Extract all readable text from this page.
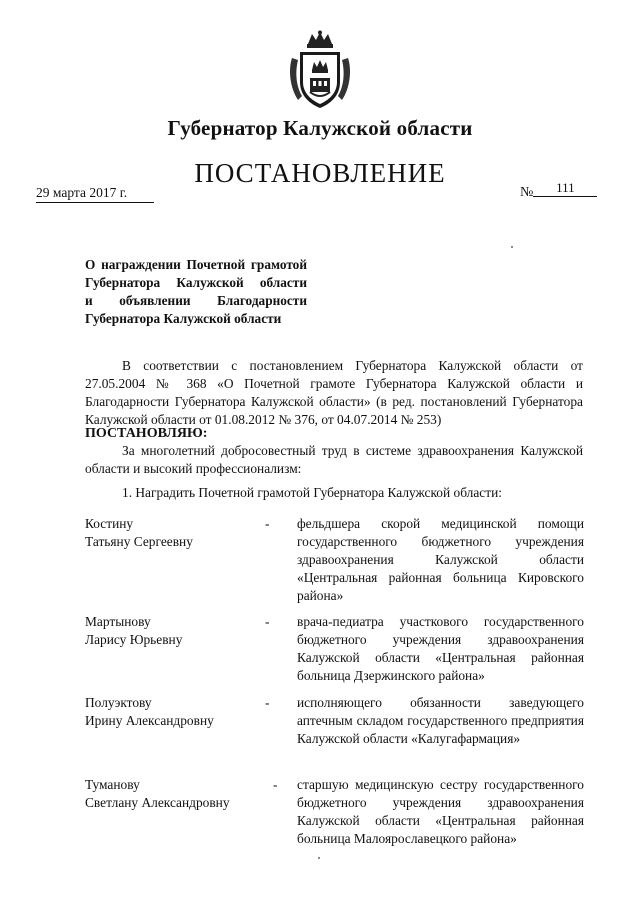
Губернатор Калужской области
ПОСТАНОВЛЕНИЕ
29 марта 2017 г.	№ 111
О награждении Почетной грамотой
Губернатора Калужской области
и объявлении Благодарности
Губернатора Калужской области
В соответствии с постановлением Губернатора Калужской области от 27.05.2004 № 368 «О Почетной грамоте Губернатора Калужской области и Благодарности Губернатора Калужской области» (в ред. постановлений Губернатора Калужской области от 01.08.2012 № 376, от 04.07.2014 № 253)
ПОСТАНОВЛЯЮ:
За многолетний добросовестный труд в системе здравоохранения Калужской области и высокий профессионализм:
1. Наградить Почетной грамотой Губернатора Калужской области:
Костину
Татьяну Сергеевну
- фельдшера скорой медицинской помощи государственного бюджетного учреждения здравоохранения Калужской области «Центральная районная больница Кировского района»
Мартынову
Ларису Юрьевну
- врача-педиатра участкового государственного бюджетного учреждения здравоохранения Калужской области «Центральная районная больница Дзержинского района»
Полуэктову
Ирину Александровну
- исполняющего обязанности заведующего аптечным складом государственного предприятия Калужской области «Калугафармация»
Туманову
Светлану Александровну
- старшую медицинскую сестру государственного бюджетного учреждения здравоохранения Калужской области «Центральная районная больница Малоярославецкого района»
